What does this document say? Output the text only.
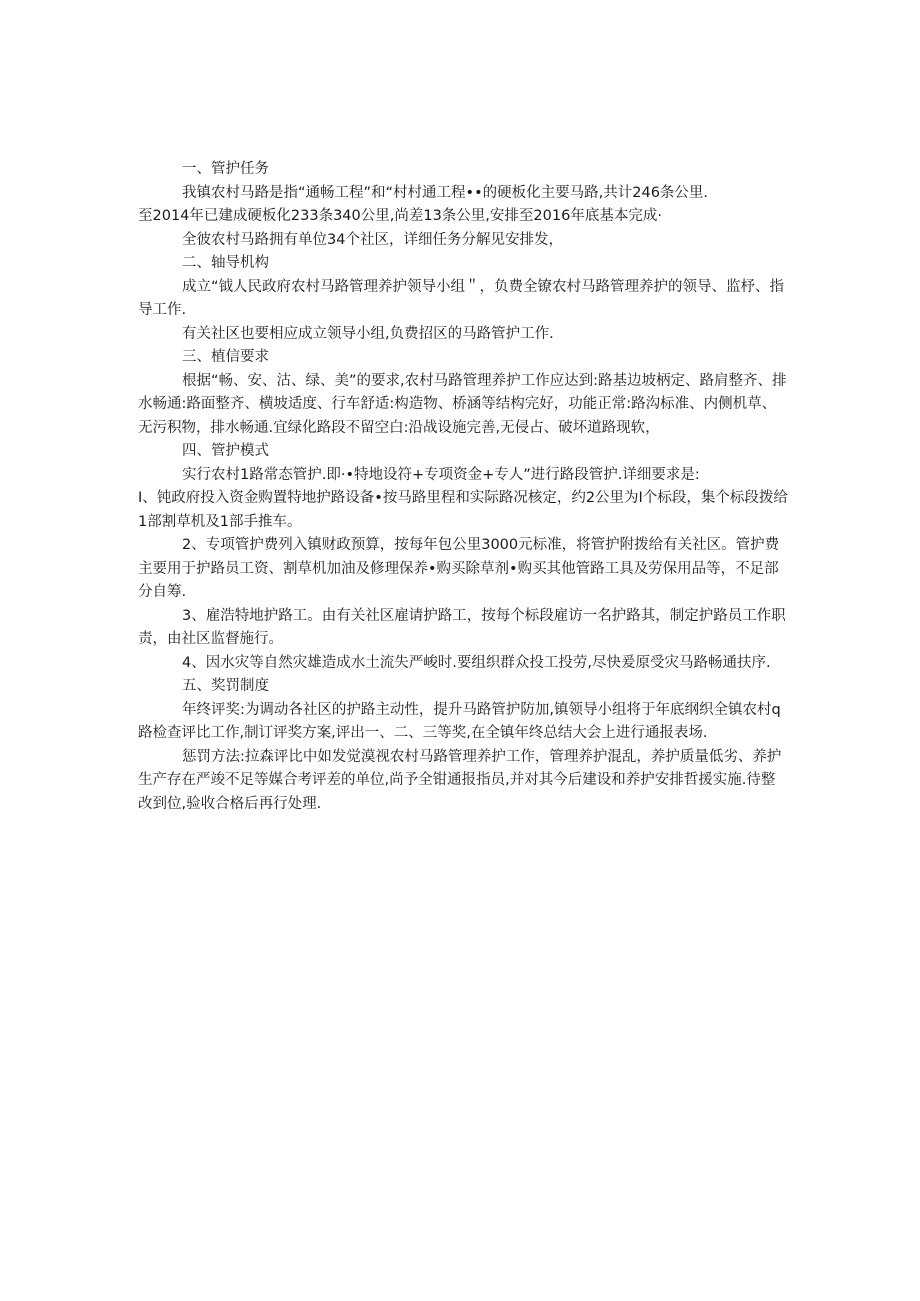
一、管护任务

我镇农村马路是指“通畅工程”和“村村通工程••的硬板化主要马路,共计246条公里.

至2014年已建成硬板化233条340公里,尚差13条公里,安排至2016年底基本完成·

全彼农村马路拥有单位34个社区，详细任务分解见安排发，

二、轴导机构

成立“钺人民政府农村马路管理养护领导小组＂，负费全镣农村马路管理养护的领导、监杼、指导工作.

有关社区也要相应成立领导小组,负费招区的马路管护工作.

三、植信要求

根据“畅、安、沽、绿、美”的要求,农村马路管理养护工作应达到:路基边坡柄定、路肩整齐、排水畅通:路面整齐、横坡适度、行车舒适:构造物、桥涵等结构完好，功能正常:路沟标准、内侧机草、无污积物，排水畅通.宜绿化路段不留空白:沿战设施完善,无侵占、破坏道路现软，

四、管护模式

实行农村1路常态管护.即·•特地设符+专项资金+专人”进行路段管护.详细要求是:

I、钝政府投入资金购置特地护路设备•按马路里程和实际路况核定，约2公里为I个标段，集个标段拨给1部割草机及1部手推车。

2、专项管护费列入镇财政预算，按每年包公里3000元标准，将管护附拨给有关社区。管护费主要用于护路员工资、割草机加油及修理保养•购买除草剂•购买其他管路工具及劳保用品等，不足部分自筹.

3、雇浩特地护路工。由有关社区雇请护路工，按每个标段雇访一名护路其，制定护路员工作职责，由社区监督施行。

4、因水灾等自然灾雄造成水土流失严峻时.要组织群众投工投劳,尽快爰原受灾马路畅通扶序.

五、奖罚制度

年终评奖:为调动各社区的护路主动性，提升马路管护防加,镇领导小组将于年底纲织全镇农村q路检查评比工作,制订评奖方案,评出一、二、三等奖,在全镇年终总结大会上进行通报表场.

惩罚方法:拉森评比中如发觉漠视农村马路管理养护工作，管理养护混乱，养护质量低劣、养护生产存在严竣不足等媒合考评差的单位,尚予全钳通报指员,并对其今后建设和养护安排哲援实施.待整改到位,验收合格后再行处理.
